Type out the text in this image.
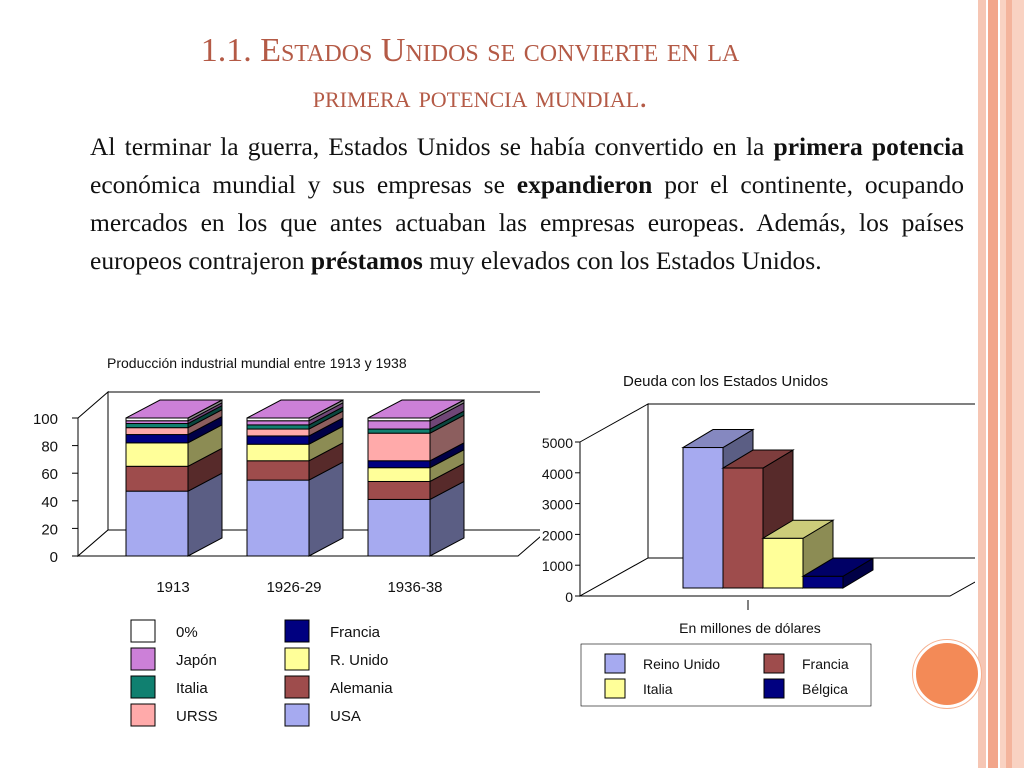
1.1. Estados Unidos se convierte en la
primera potencia mundial.
Al terminar la guerra, Estados Unidos se había convertido en la primera potencia económica mundial y sus empresas se expandieron por el continente, ocupando mercados en los que antes actuaban las empresas europeas. Además, los países europeos contrajeron préstamos muy elevados con los Estados Unidos.
Producción industrial mundial entre 1913 y 1938
0
20
40
60
80
100
1913	1926-29	1936-38
0%
Japón
Italia
URSS
Francia
R. Unido
Alemania
USA
Deuda con los Estados Unidos
0
1000
2000
3000
4000
5000
En millones de dólares
Reino Unido	Francia
Italia	Bélgica
